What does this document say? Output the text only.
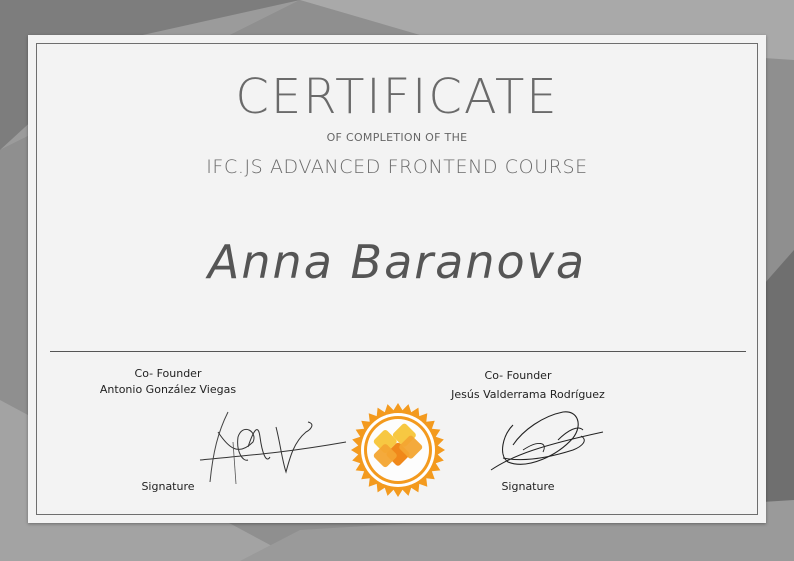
CERTIFICATE
OF COMPLETION OF THE
IFC.JS ADVANCED FRONTEND COURSE
Anna Baranova
Co- Founder
Antonio González Viegas
Signature
Co- Founder
Jesús Valderrama Rodríguez
Signature
